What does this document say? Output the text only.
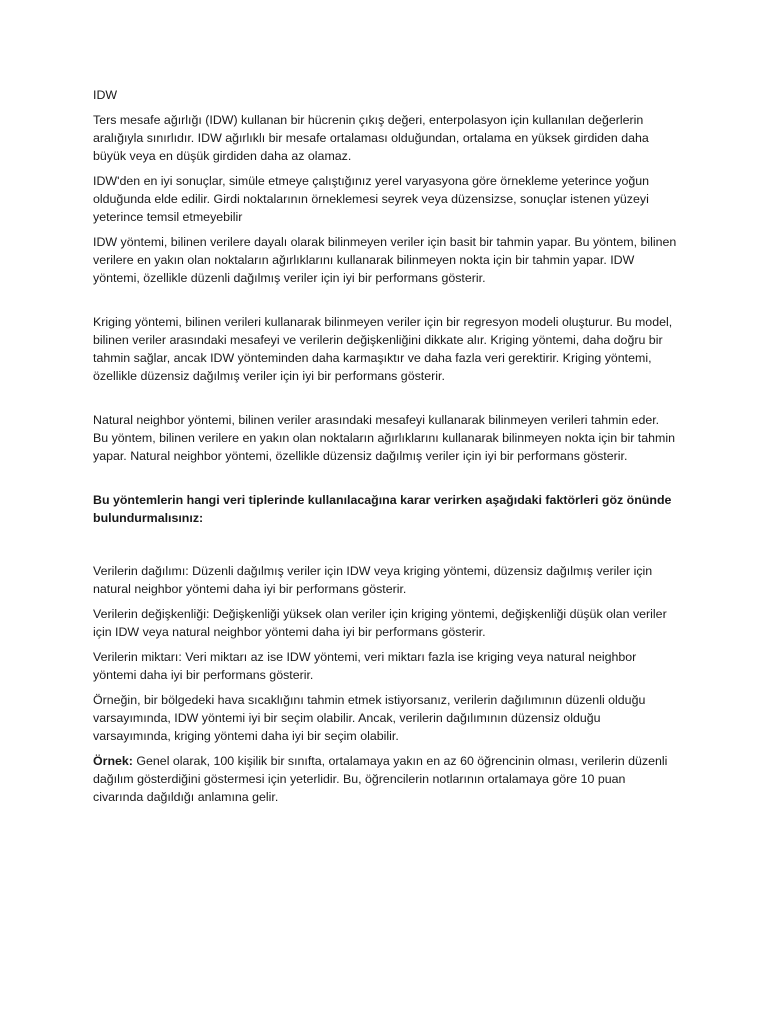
IDW

Ters mesafe ağırlığı (IDW) kullanan bir hücrenin çıkış değeri, enterpolasyon için kullanılan değerlerin aralığıyla sınırlıdır. IDW ağırlıklı bir mesafe ortalaması olduğundan, ortalama en yüksek girdiden daha büyük veya en düşük girdiden daha az olamaz.

IDW'den en iyi sonuçlar, simüle etmeye çalıştığınız yerel varyasyona göre örnekleme yeterince yoğun olduğunda elde edilir. Girdi noktalarının örneklemesi seyrek veya düzensizse, sonuçlar istenen yüzeyi yeterince temsil etmeyebilir

IDW yöntemi, bilinen verilere dayalı olarak bilinmeyen veriler için basit bir tahmin yapar. Bu yöntem, bilinen verilere en yakın olan noktaların ağırlıklarını kullanarak bilinmeyen nokta için bir tahmin yapar. IDW yöntemi, özellikle düzenli dağılmış veriler için iyi bir performans gösterir.

Kriging yöntemi, bilinen verileri kullanarak bilinmeyen veriler için bir regresyon modeli oluşturur. Bu model, bilinen veriler arasındaki mesafeyi ve verilerin değişkenliğini dikkate alır. Kriging yöntemi, daha doğru bir tahmin sağlar, ancak IDW yönteminden daha karmaşıktır ve daha fazla veri gerektirir. Kriging yöntemi, özellikle düzensiz dağılmış veriler için iyi bir performans gösterir.

Natural neighbor yöntemi, bilinen veriler arasındaki mesafeyi kullanarak bilinmeyen verileri tahmin eder. Bu yöntem, bilinen verilere en yakın olan noktaların ağırlıklarını kullanarak bilinmeyen nokta için bir tahmin yapar. Natural neighbor yöntemi, özellikle düzensiz dağılmış veriler için iyi bir performans gösterir.

Bu yöntemlerin hangi veri tiplerinde kullanılacağına karar verirken aşağıdaki faktörleri göz önünde bulundurmalısınız:

Verilerin dağılımı: Düzenli dağılmış veriler için IDW veya kriging yöntemi, düzensiz dağılmış veriler için natural neighbor yöntemi daha iyi bir performans gösterir.

Verilerin değişkenliği: Değişkenliği yüksek olan veriler için kriging yöntemi, değişkenliği düşük olan veriler için IDW veya natural neighbor yöntemi daha iyi bir performans gösterir.

Verilerin miktarı: Veri miktarı az ise IDW yöntemi, veri miktarı fazla ise kriging veya natural neighbor yöntemi daha iyi bir performans gösterir.

Örneğin, bir bölgedeki hava sıcaklığını tahmin etmek istiyorsanız, verilerin dağılımının düzenli olduğu varsayımında, IDW yöntemi iyi bir seçim olabilir. Ancak, verilerin dağılımının düzensiz olduğu varsayımında, kriging yöntemi daha iyi bir seçim olabilir.

Örnek: Genel olarak, 100 kişilik bir sınıfta, ortalamaya yakın en az 60 öğrencinin olması, verilerin düzenli dağılım gösterdiğini göstermesi için yeterlidir. Bu, öğrencilerin notlarının ortalamaya göre 10 puan civarında dağıldığı anlamına gelir.
